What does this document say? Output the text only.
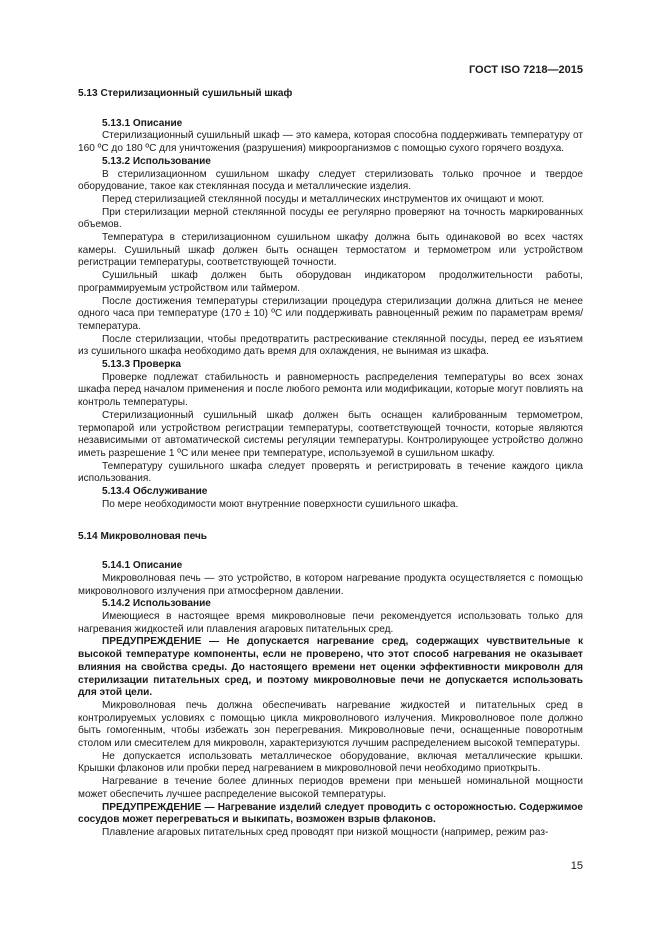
ГОСТ ISO 7218—2015
5.13 Стерилизационный сушильный шкаф
5.13.1 Описание
Стерилизационный сушильный шкаф — это камера, которая способна поддерживать температуру от 160 ºC до 180 ºC для уничтожения (разрушения) микроорганизмов с помощью сухого горячего воздуха.
5.13.2 Использование
В стерилизационном сушильном шкафу следует стерилизовать только прочное и твердое оборудование, такое как стеклянная посуда и металлические изделия.
Перед стерилизацией стеклянной посуды и металлических инструментов их очищают и моют.
При стерилизации мерной стеклянной посуды ее регулярно проверяют на точность маркированных объемов.
Температура в стерилизационном сушильном шкафу должна быть одинаковой во всех частях камеры. Сушильный шкаф должен быть оснащен термостатом и термометром или устройством регистрации температуры, соответствующей точности.
Сушильный шкаф должен быть оборудован индикатором продолжительности работы, программируемым устройством или таймером.
После достижения температуры стерилизации процедура стерилизации должна длиться не менее одного часа при температуре (170 ± 10) ºC или поддерживать равноценный режим по параметрам время/температура.
После стерилизации, чтобы предотвратить растрескивание стеклянной посуды, перед ее изъятием из сушильного шкафа необходимо дать время для охлаждения, не вынимая из шкафа.
5.13.3 Проверка
Проверке подлежат стабильность и равномерность распределения температуры во всех зонах шкафа перед началом применения и после любого ремонта или модификации, которые могут повлиять на контроль температуры.
Стерилизационный сушильный шкаф должен быть оснащен калиброванным термометром, термопарой или устройством регистрации температуры, соответствующей точности, которые являются независимыми от автоматической системы регуляции температуры. Контролирующее устройство должно иметь разрешение 1 ºC или менее при температуре, используемой в сушильном шкафу.
Температуру сушильного шкафа следует проверять и регистрировать в течение каждого цикла использования.
5.13.4 Обслуживание
По мере необходимости моют внутренние поверхности сушильного шкафа.
5.14 Микроволновая печь
5.14.1 Описание
Микроволновая печь — это устройство, в котором нагревание продукта осуществляется с помощью микроволнового излучения при атмосферном давлении.
5.14.2 Использование
Имеющиеся в настоящее время микроволновые печи рекомендуется использовать только для нагревания жидкостей или плавления агаровых питательных сред.
ПРЕДУПРЕЖДЕНИЕ — Не допускается нагревание сред, содержащих чувствительные к высокой температуре компоненты, если не проверено, что этот способ нагревания не оказывает влияния на свойства среды. До настоящего времени нет оценки эффективности микроволн для стерилизации питательных сред, и поэтому микроволновые печи не допускается использовать для этой цели.
Микроволновая печь должна обеспечивать нагревание жидкостей и питательных сред в контролируемых условиях с помощью цикла микроволнового излучения. Микроволновое поле должно быть гомогенным, чтобы избежать зон перегревания. Микроволновые печи, оснащенные поворотным столом или смесителем для микроволн, характеризуются лучшим распределением высокой температуры.
Не допускается использовать металлическое оборудование, включая металлические крышки. Крышки флаконов или пробки перед нагреванием в микроволновой печи необходимо приоткрыть.
Нагревание в течение более длинных периодов времени при меньшей номинальной мощности может обеспечить лучшее распределение высокой температуры.
ПРЕДУПРЕЖДЕНИЕ — Нагревание изделий следует проводить с осторожностью. Содержимое сосудов может перегреваться и выкипать, возможен взрыв флаконов.
Плавление агаровых питательных сред проводят при низкой мощности (например, режим раз-
15
